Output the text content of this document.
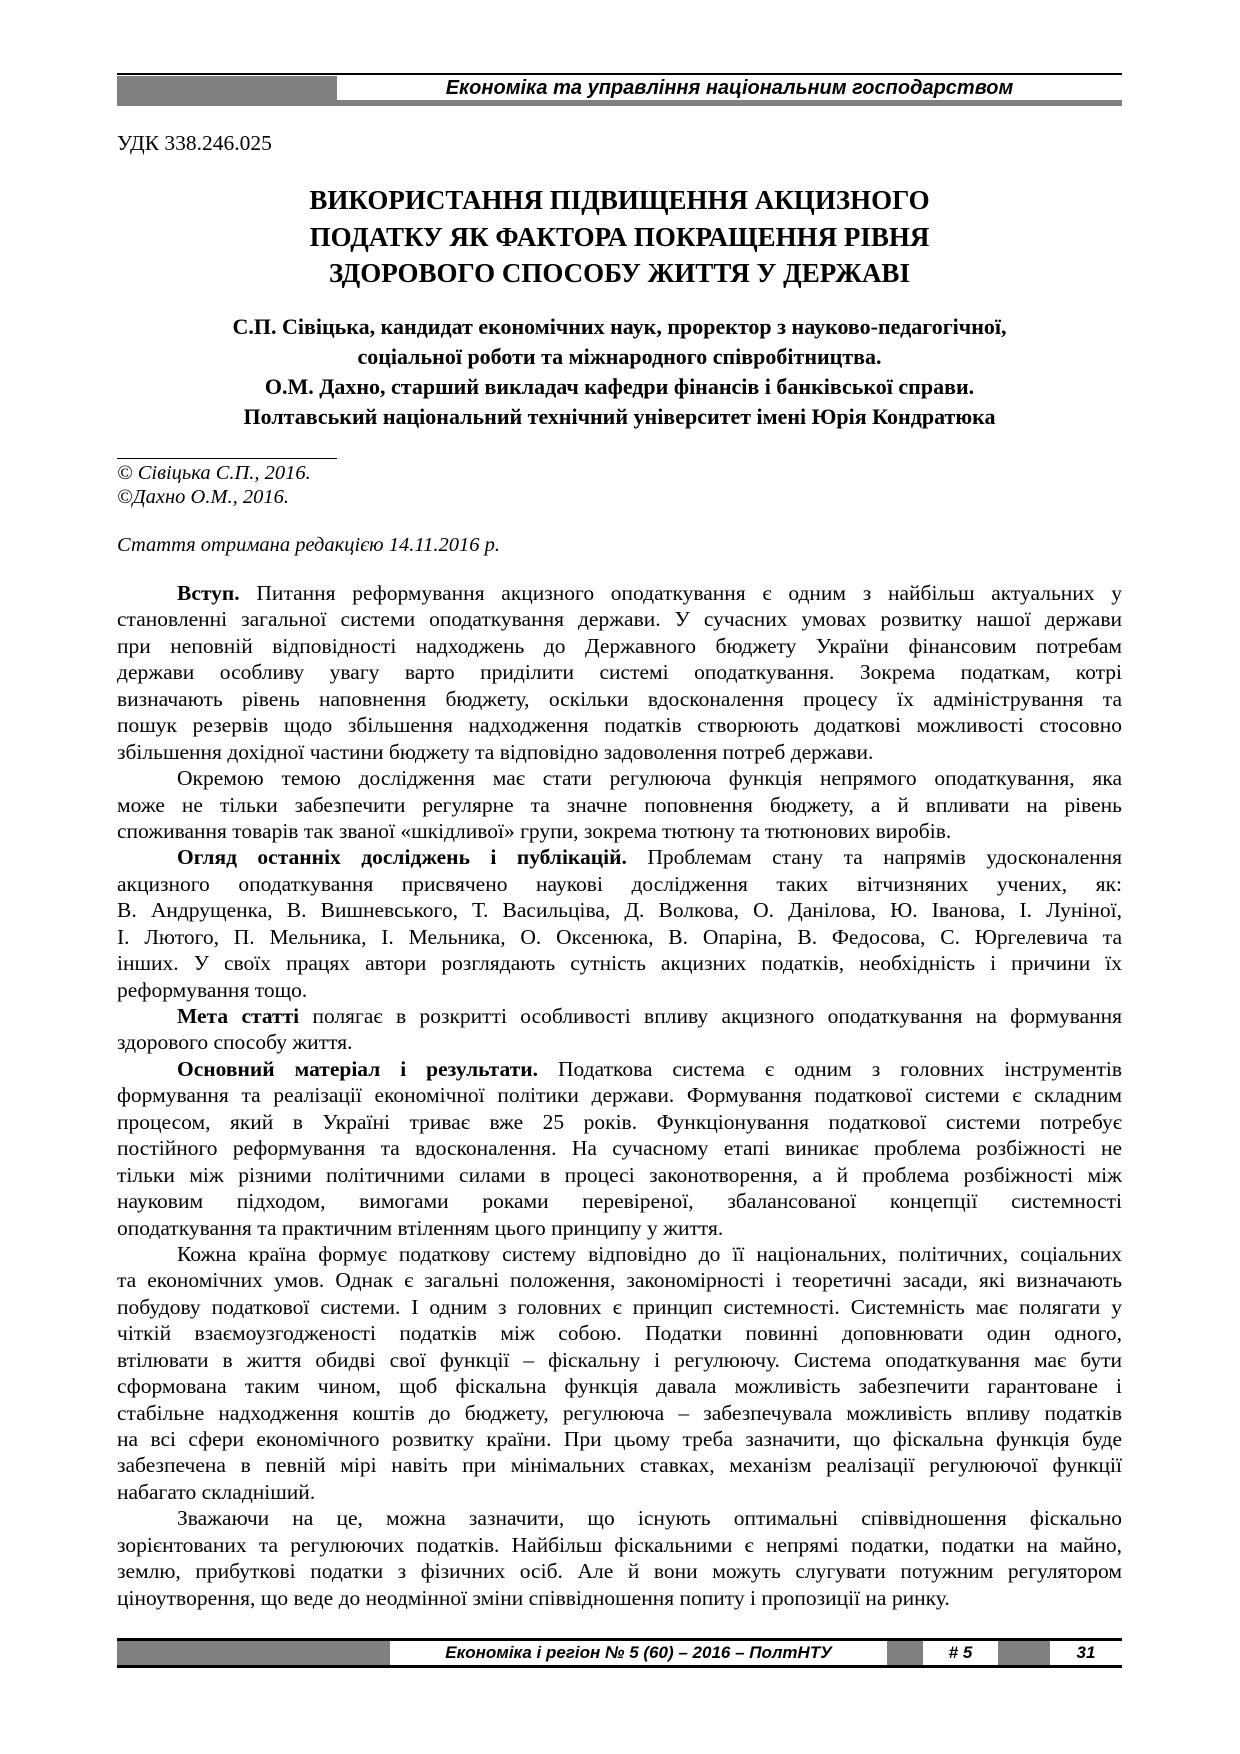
Економіка та управління національним господарством
УДК 338.246.025
ВИКОРИСТАННЯ ПІДВИЩЕННЯ АКЦИЗНОГО
ПОДАТКУ ЯК ФАКТОРА ПОКРАЩЕННЯ РІВНЯ
ЗДОРОВОГО СПОСОБУ ЖИТТЯ У ДЕРЖАВІ
С.П. Сівіцька, кандидат економічних наук, проректор з науково-педагогічної,
соціальної роботи та міжнародного співробітництва.
О.М. Дахно, старший викладач кафедри фінансів і банківської справи.
Полтавський національний технічний університет імені Юрія Кондратюка
© Сівіцька С.П., 2016.
©Дахно О.М., 2016.
Стаття отримана редакцією 14.11.2016 р.
Вступ. Питання реформування акцизного оподаткування є одним з найбільш актуальних у
становленні загальної системи оподаткування держави. У сучасних умовах розвитку нашої держави
при неповній відповідності надходжень до Державного бюджету України фінансовим потребам
держави особливу увагу варто приділити системі оподаткування. Зокрема податкам, котрі
визначають рівень наповнення бюджету, оскільки вдосконалення процесу їх адміністрування та
пошук резервів щодо збільшення надходження податків створюють додаткові можливості стосовно
збільшення дохідної частини бюджету та відповідно задоволення потреб держави.
Окремою темою дослідження має стати регулююча функція непрямого оподаткування, яка
може не тільки забезпечити регулярне та значне поповнення бюджету, а й впливати на рівень
споживання товарів так званої «шкідливої» групи, зокрема тютюну та тютюнових виробів.
Огляд останніх досліджень і публікацій. Проблемам стану та напрямів удосконалення
акцизного оподаткування присвячено наукові дослідження таких вітчизняних учених, як:
В. Андрущенка, В. Вишневського, Т. Васильціва, Д. Волкова, О. Данілова, Ю. Іванова, І. Луніної,
І. Лютого, П. Мельника, І. Мельника, О. Оксенюка, В. Опаріна, В. Федосова, С. Юргелевича та
інших. У своїх працях автори розглядають сутність акцизних податків, необхідність і причини їх
реформування тощо.
Мета статті полягає в розкритті особливості впливу акцизного оподаткування на формування
здорового способу життя.
Основний матеріал і результати. Податкова система є одним з головних інструментів
формування та реалізації економічної політики держави. Формування податкової системи є складним
процесом, який в Україні триває вже 25 років. Функціонування податкової системи потребує
постійного реформування та вдосконалення. На сучасному етапі виникає проблема розбіжності не
тільки між різними політичними силами в процесі законотворення, а й проблема розбіжності між
науковим підходом, вимогами роками перевіреної, збалансованої концепції системності
оподаткування та практичним втіленням цього принципу у життя.
Кожна країна формує податкову систему відповідно до її національних, політичних, соціальних
та економічних умов. Однак є загальні положення, закономірності і теоретичні засади, які визначають
побудову податкової системи. І одним з головних є принцип системності. Системність має полягати у
чіткій взаємоузгодженості податків між собою. Податки повинні доповнювати один одного,
втілювати в життя обидві свої функції – фіскальну і регулюючу. Система оподаткування має бути
сформована таким чином, щоб фіскальна функція давала можливість забезпечити гарантоване і
стабільне надходження коштів до бюджету, регулююча – забезпечувала можливість впливу податків
на всі сфери економічного розвитку країни. При цьому треба зазначити, що фіскальна функція буде
забезпечена в певній мірі навіть при мінімальних ставках, механізм реалізації регулюючої функції
набагато складніший.
Зважаючи на це, можна зазначити, що існують оптимальні співвідношення фіскально
зорієнтованих та регулюючих податків. Найбільш фіскальними є непрямі податки, податки на майно,
землю, прибуткові податки з фізичних осіб. Але й вони можуть слугувати потужним регулятором
ціноутворення, що веде до неодмінної зміни співвідношення попиту і пропозиції на ринку.
Економіка і регіон № 5 (60) – 2016 – ПолтНТУ	# 5	31
